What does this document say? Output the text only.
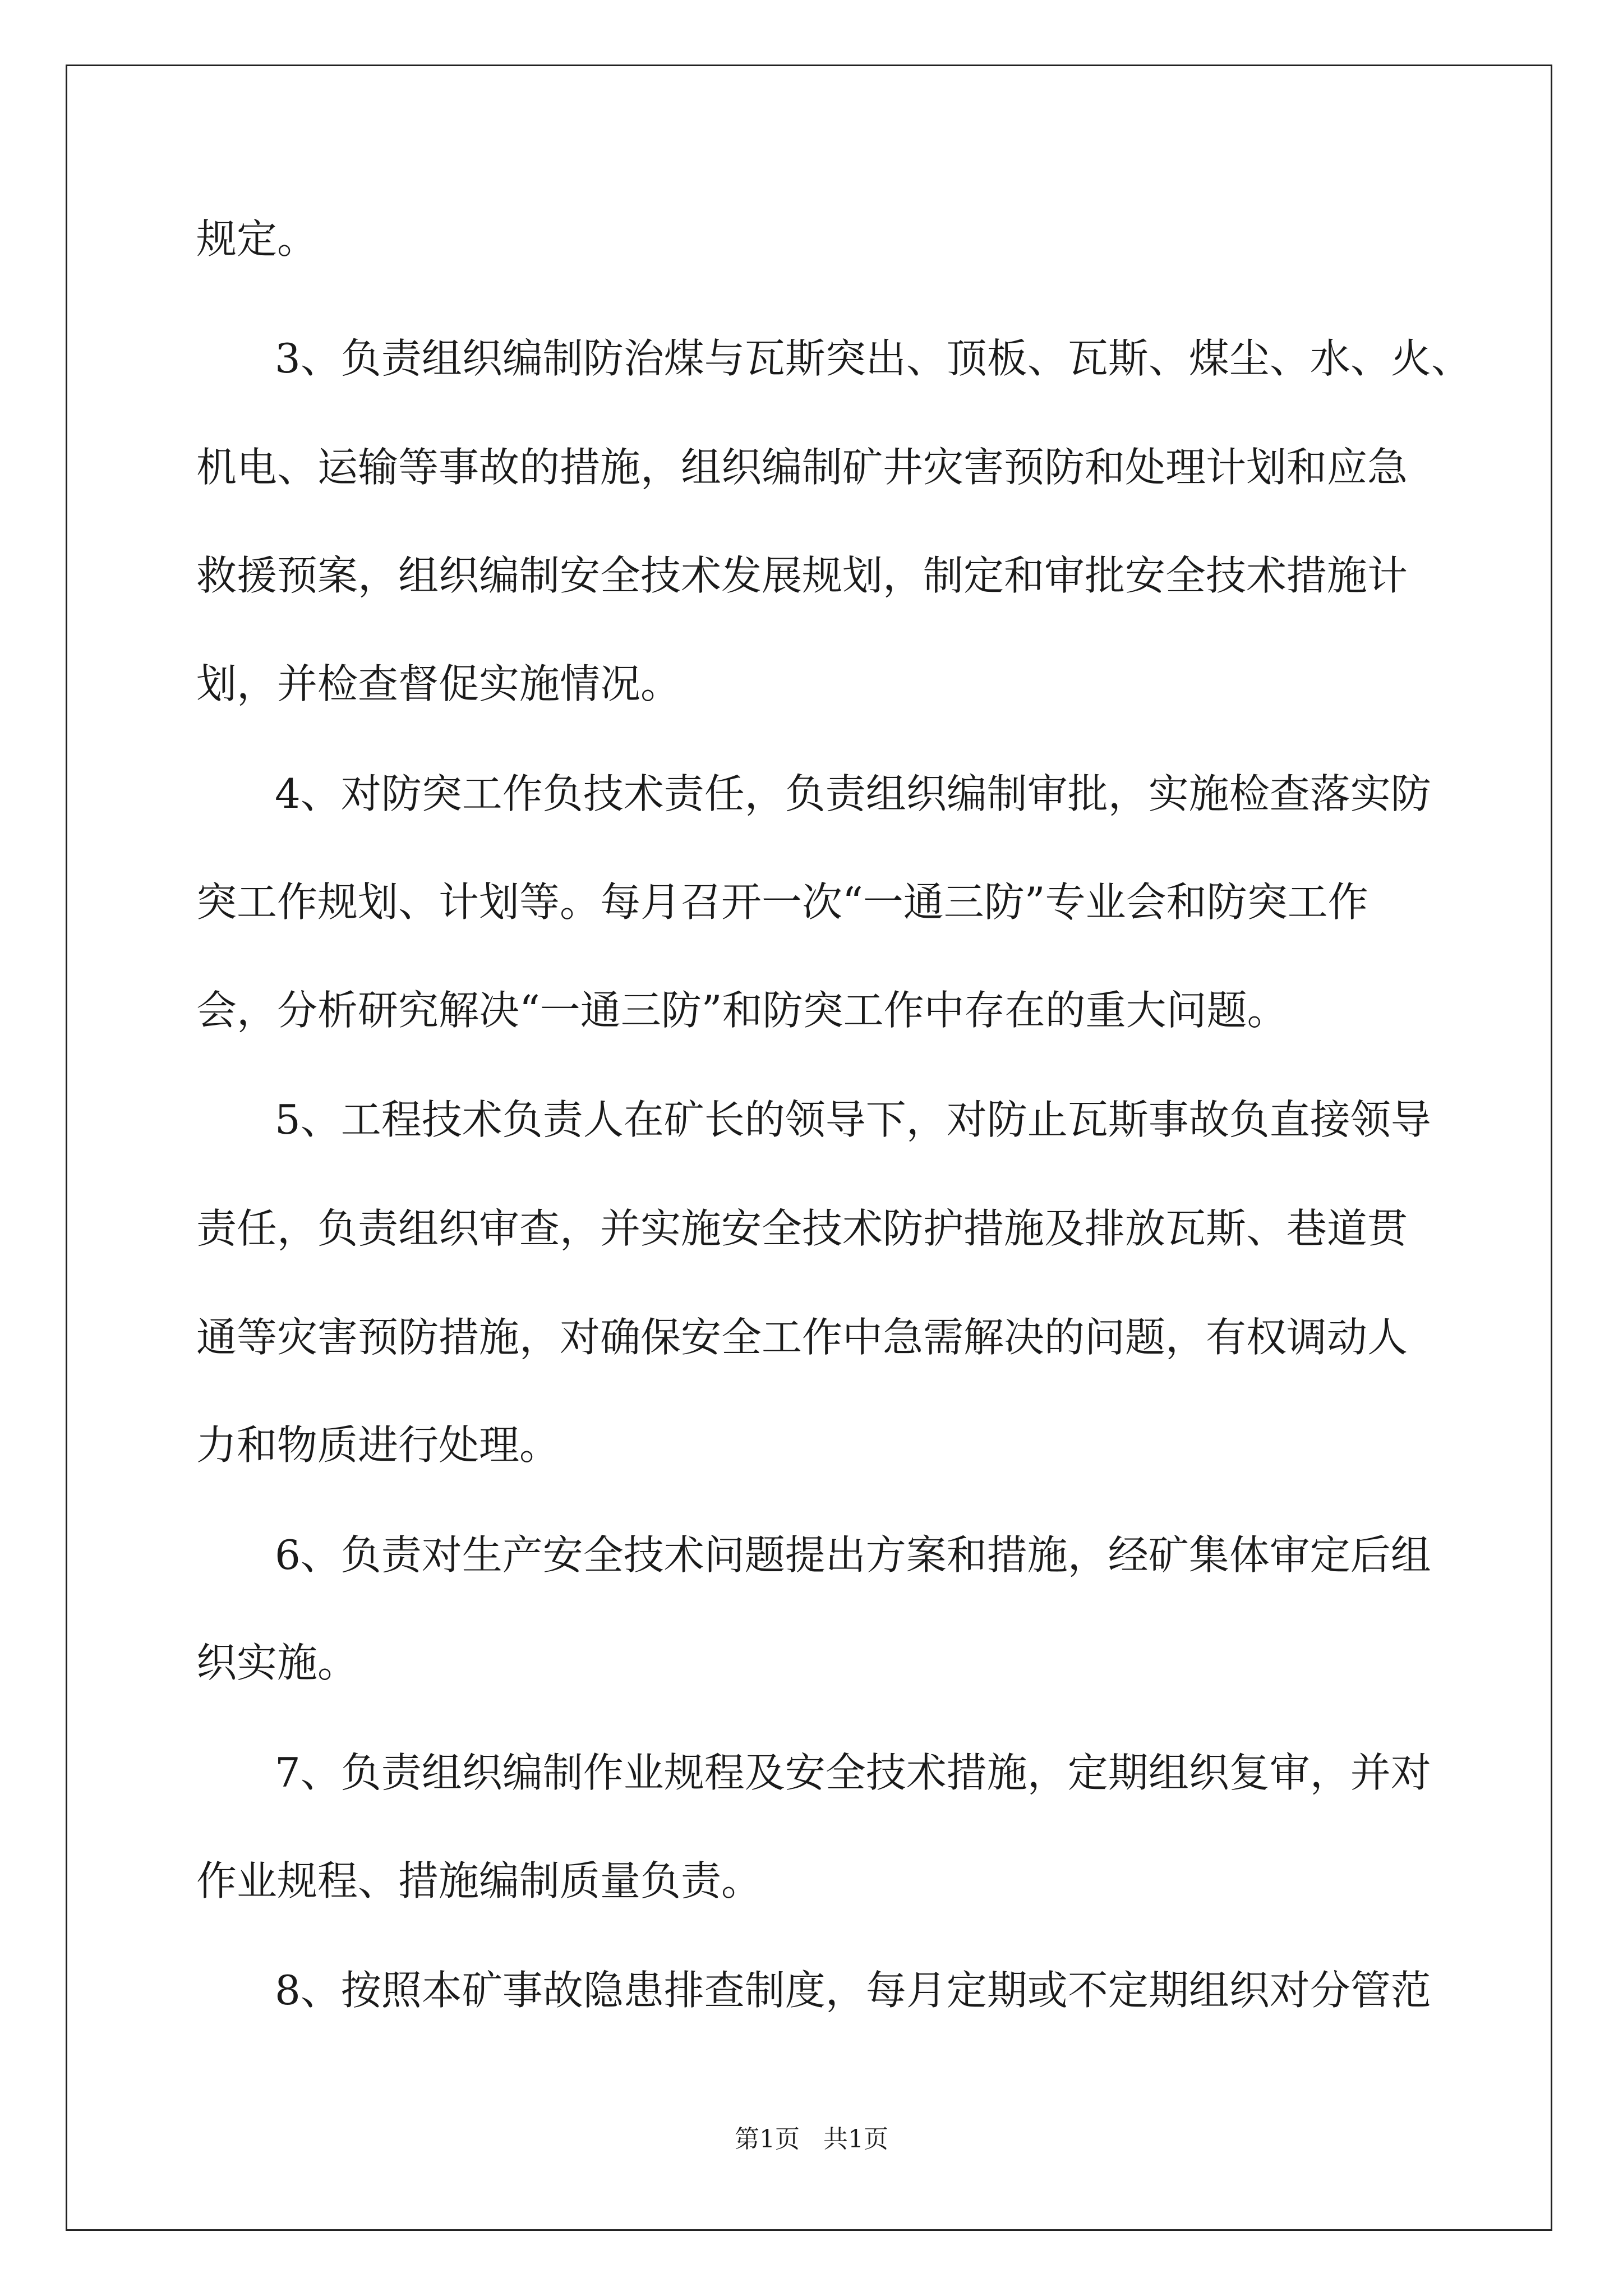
规定。

3、负责组织编制防治煤与瓦斯突出、顶板、瓦斯、煤尘、水、火、

机电、运输等事故的措施，组织编制矿井灾害预防和处理计划和应急

救援预案，组织编制安全技术发展规划，制定和审批安全技术措施计

划，并检查督促实施情况。

4、对防突工作负技术责任，负责组织编制审批，实施检查落实防

突工作规划、计划等。每月召开一次“一通三防”专业会和防突工作

会，分析研究解决“一通三防”和防突工作中存在的重大问题。

5、工程技术负责人在矿长的领导下，对防止瓦斯事故负直接领导

责任，负责组织审查，并实施安全技术防护措施及排放瓦斯、巷道贯

通等灾害预防措施，对确保安全工作中急需解决的问题，有权调动人

力和物质进行处理。

6、负责对生产安全技术问题提出方案和措施，经矿集体审定后组

织实施。

7、负责组织编制作业规程及安全技术措施，定期组织复审，并对

作业规程、措施编制质量负责。

8、按照本矿事故隐患排查制度，每月定期或不定期组织对分管范

第1页   共1页
